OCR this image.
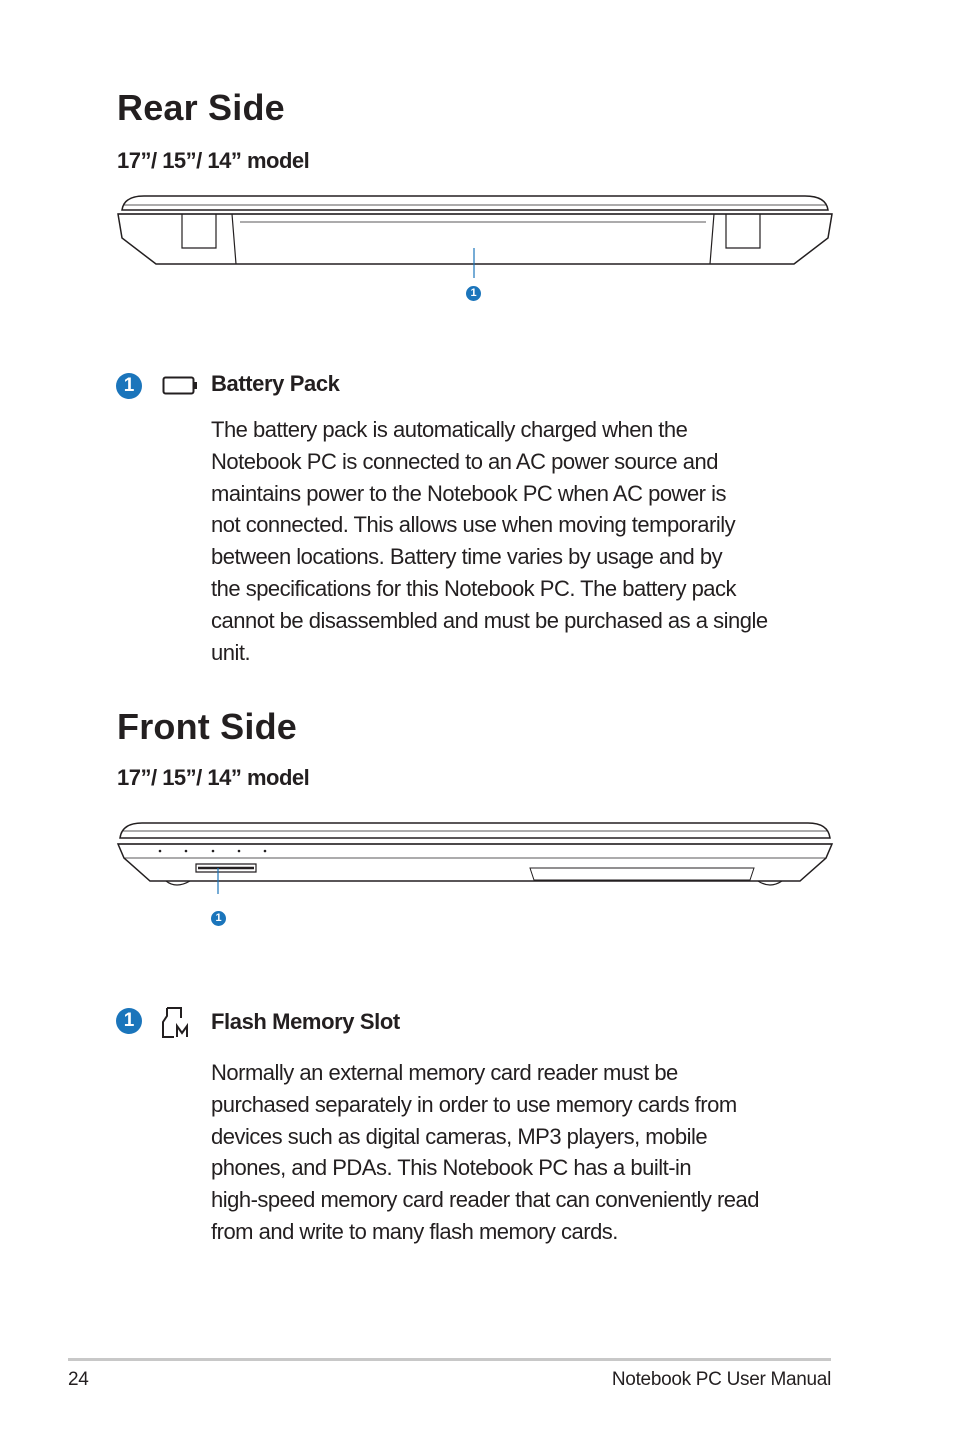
Rear Side
17”/ 15”/ 14” model
1
1	Battery Pack
The battery pack is automatically charged when the
Notebook PC is connected to an AC power source and
maintains power to the Notebook PC when AC power is
not connected. This allows use when moving temporarily
between locations. Battery time varies by usage and by
the specifications for this Notebook PC. The battery pack
cannot be disassembled and must be purchased as a single
unit.
Front Side
17”/ 15”/ 14” model
1
1	Flash Memory Slot
Normally an external memory card reader must be
purchased separately in order to use memory cards from
devices such as digital cameras, MP3 players, mobile
phones, and PDAs. This Notebook PC has a built-in
high-speed memory card reader that can conveniently read
from and write to many flash memory cards.
24	Notebook PC User Manual
